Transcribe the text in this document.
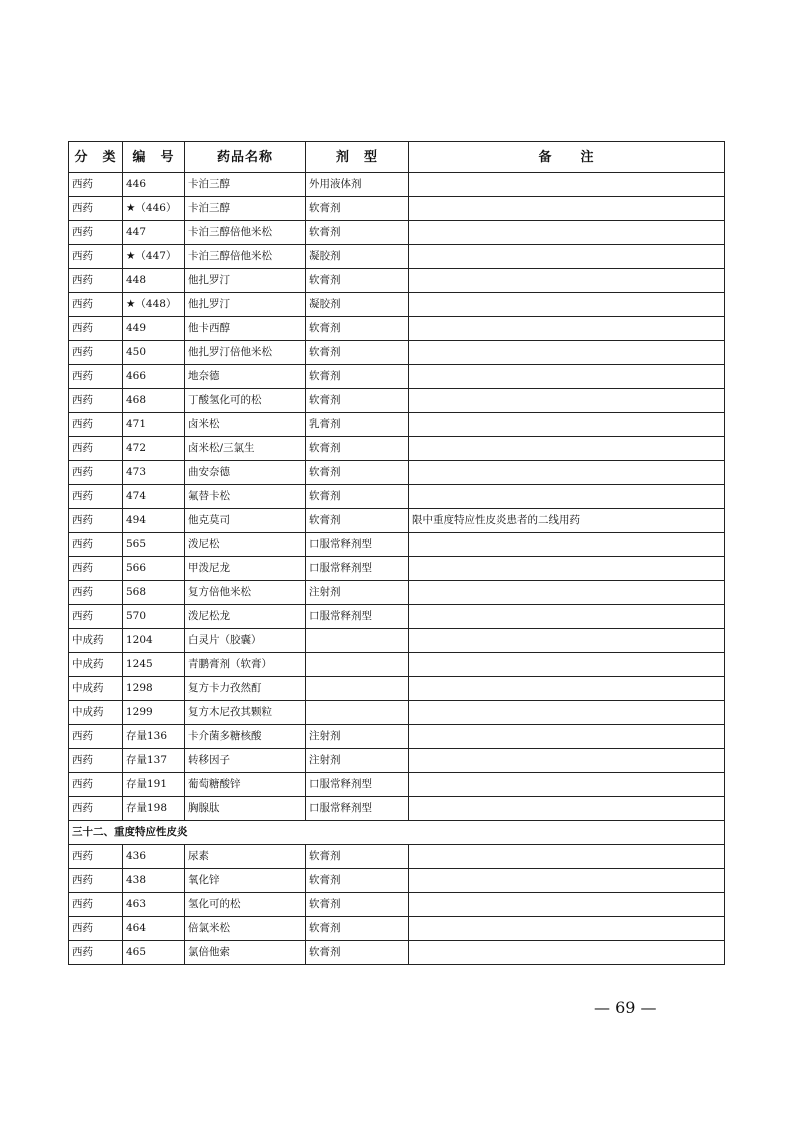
分　类	编　号	药品名称	剂　型	备　　注
西药	446	卡泊三醇	外用液体剂	
西药	★（446）	卡泊三醇	软膏剂	
西药	447	卡泊三醇倍他米松	软膏剂	
西药	★（447）	卡泊三醇倍他米松	凝胶剂	
西药	448	他扎罗汀	软膏剂	
西药	★（448）	他扎罗汀	凝胶剂	
西药	449	他卡西醇	软膏剂	
西药	450	他扎罗汀倍他米松	软膏剂	
西药	466	地奈德	软膏剂	
西药	468	丁酸氢化可的松	软膏剂	
西药	471	卤米松	乳膏剂	
西药	472	卤米松/三氯生	软膏剂	
西药	473	曲安奈德	软膏剂	
西药	474	氟替卡松	软膏剂	
西药	494	他克莫司	软膏剂	限中重度特应性皮炎患者的二线用药
西药	565	泼尼松	口服常释剂型	
西药	566	甲泼尼龙	口服常释剂型	
西药	568	复方倍他米松	注射剂	
西药	570	泼尼松龙	口服常释剂型	
中成药	1204	白灵片（胶囊）		
中成药	1245	青鹏膏剂（软膏）		
中成药	1298	复方卡力孜然酊		
中成药	1299	复方木尼孜其颗粒		
西药	存量136	卡介菌多糖核酸	注射剂	
西药	存量137	转移因子	注射剂	
西药	存量191	葡萄糖酸锌	口服常释剂型	
西药	存量198	胸腺肽	口服常释剂型	
三十二、重度特应性皮炎				
西药	436	尿素	软膏剂	
西药	438	氧化锌	软膏剂	
西药	463	氢化可的松	软膏剂	
西药	464	倍氯米松	软膏剂	
西药	465	氯倍他索	软膏剂	
— 69 —
